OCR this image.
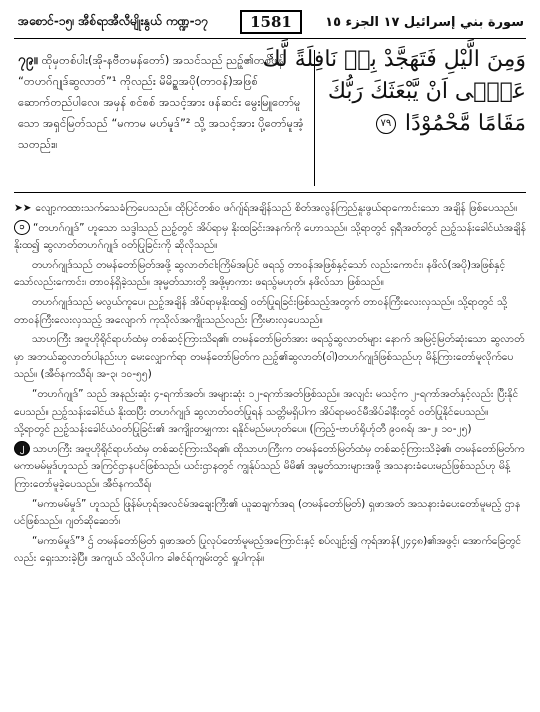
အစောင်-၁၅၊ အီစ်ရာအီလီမျိုးနွယ် ကဏ္ဍ-၁၇	1581	سورة بني إسرائيل ١٧ الجزء ١٥
၇၉။ ထိုမှတစ်ပါး(အို-နဗီတမန်တော်) အသင်သည် ညဉ့်၏တစ်ဖန် “တဟဂ်ဂျုဒ်ဆွလာတ်”¹ ကိုလည်း မိမိဥ္စအပို(တာဝန်)အဖြစ် ဆောက်တည်ပါလေ၊ အမှန် စင်စစ် အသင့်အား ဖန်ဆင်း မွေးမြူတော်မူသော အရှင်မြတ်သည် “မကာမ မဟ်မူဒ်”² သို့ အသင့်အား ပို့တော်မူအံ့သတည်း။
وَمِنَ الَّيْلِ فَتَهَجَّدْ بِهٖ نَافِلَةً لَّكَ
عَسٰۤى اَنْ يَّبْعَثَكَ رَبُّكَ
مَقَامًا مَّحْمُوْدًا ٧٩

➤➤ လျော့ကထားသက်သေခံကြပေသည်။ ထိုပြင်တစ်ဝ ဖဂ်ဂျ်ရ်အချိန်သည် စိတ်အလွန်ကြည်နူးဖွယ်ရာကောင်းသော အချိန် ဖြစ်ပေသည်။

၁ “တဟဂ်ဂျုဒ်” ဟူသော သဒ္ဒါသည် ညဉ့်တွင် အိပ်ရာမှ နိုးထခြင်းအနက်ကို ဟောသည်။ သို့ရာတွင် ရှရီအတ်တွင် ညဉ့်သန်းခေါင်ယံအချိန် နိုးထ၍ ဆွလာတ်တဟဂ်ဂျုဒ် ဝတ်ပြုခြင်းကို ဆိုလိုသည်။

တဟဂ်ဂျုဒ်သည် တမန်တော်မြတ်အဖို့ ဆွလာတ်ငါးကြိမ်အပြင် ဖရသွ် တာဝန်အဖြစ်နှင့်သော် လည်းကောင်း၊ နဖိလ်(အပို)အဖြစ်နှင့်သော်လည်းကောင်း၊ တာဝန်ရှိခဲ့သည်။ အုမ္မတ်သားတို့ အဖို့မှာကား ဖရသွ်မဟုတ်၊ နဖိလ်သာ ဖြစ်သည်။

တဟဂ်ဂျုဒ်သည် မလွယ်ကူပေ၊ ညဉ့်အချိန် အိပ်ရာမှနိုးထ၍ ဝတ်ပြုရခြင်းဖြစ်သည့်အတွက် တာဝန်ကြီးလေးလှသည်။ သို့ရာတွင် သို့တာဝန်ကြီးလေးလှသည့် အလျောက် ကုသိုလ်အကျိုးသည်လည်း ကြီးမားလှပေသည်။

သာဟကြီး အဗူဟိုရိုင်ရာဟ်ထံမှ တစ်ဆင့်ကြားသိရ၏၊ တမန်တော်မြတ်အား ဖရသွ်ဆွလာတ်များ နောက် အမြင့်မြတ်ဆုံးသော ဆွလာတ်မှာ အဘယ်ဆွလာတ်ပါနည်းဟု မေးလျှောက်ရာ တမန်တော်မြတ်က ညဉ့်၏ဆွလာတ်(ဝါ)တဟဂ်ဂျုဒ်ဖြစ်သည်ဟု မိန့်ကြားတော်မူလိုက်ပေသည်။ (အီဗ်နကသီရ်၊ အ-၃၊ ၁၀-၅၅)

“တဟဂ်ဂျုဒ်” သည် အနည်းဆုံး ၄-ရကာ်အတ်၊ အများဆုံး ၁၂-ရကာ်အတ်ဖြစ်သည်။ အလျင်း မသင့်က ၂-ရကာ်အတ်နှင့်လည်း ပြီးနိုင်ပေသည်။ ညဉ့်သန်းခေါင်ယံ နိုးထပြီး တဟဂ်ဂျုဒ် ဆွလာတ်ဝတ်ပြုရန် သတ္တိမရှိပါက အိပ်ရာမဝင်မီအိပ်ခါနီးတွင် ဝတ်ပြုနိုင်ပေသည်။ သို့ရာတွင် ညဉ့်သန်းခေါင်ယံဝတ်ပြုခြင်း၏ အကျိုးတမျှကား ရနိုင်မည်မဟုတ်ပေ။ (ကြည့်-ဗာဟ်ရိုဟ်ုတီ ၉၀၈ရ်၊ အ-၂၊ ၁၀-၂၅)

၂ သာဟကြီး အဗူဟိုရိုင်ရာဟ်ထံမှ တစ်ဆင့်ကြားသိရ၏၊ ထိုသာဟကြီးက တမန်တော်မြတ်ထံမှ တစ်ဆင့်ကြားသိခဲ့၏၊ တမန်တော်မြတ်က မကာမမ်မှုဒ်ဟူသည် အကြင်ဌာနပင်ဖြစ်သည်၊ ယင်းဌာနတွင် ကျွန်ုပ်သည် မိမိ၏ အုမ္မတ်သားများအဖို့ အသနားခံပေးမည်ဖြစ်သည်ဟု မိန့်ကြားတော်မူခဲ့ပေသည်။ အီဗ်နကသီရ်၊

“မကာမမ်မှုဒ်” ဟူသည် ဖြုန်မ်ဟုရ်အလင်မ်အချေးကြီး၏ ယူဆချက်အရ (တမန်တော်မြတ်) ရှဖာအတ် အသနားခံပေးတော်မူမည့် ဌာနပင်ဖြစ်သည်။ ဂျတ်ဆိုဆေဘ်၊

“မကာမ်မှုဒ်”³ ဌ် တမန်တော်မြတ် ရှဖာအတ် ပြုလုပ်တော်မူမည့်အကြောင်းနှင့် စပ်လျဉ်း၍ ကုရ်အာန်(၂၄၄၈)၏အဖွင့်၊ အောက်ခြေတွင်လည်း ရှေးသားခဲ့ပြီ။ အကျယ် သိလိုပါက ခါဇင်ရ်ကျမ်းတွင် ရှုပါကုန်။
